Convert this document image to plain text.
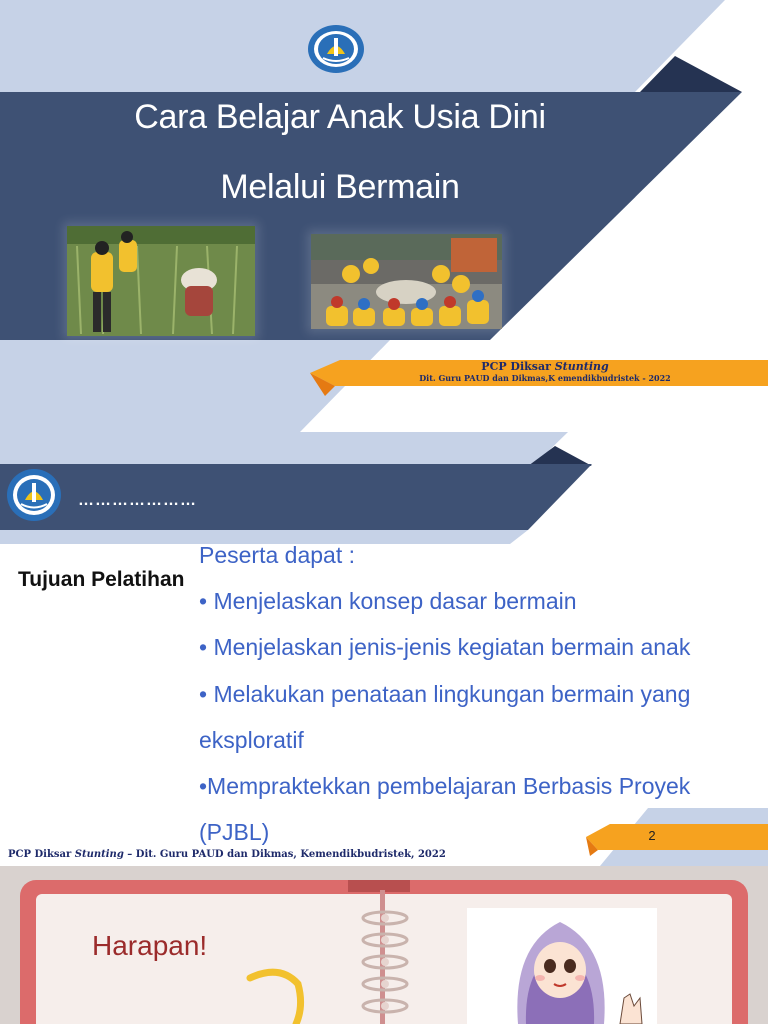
Cara Belajar Anak Usia Dini
Melalui Bermain
PCP Diksar Stunting
Dit. Guru PAUD dan Dikmas,K emendikbudristek - 2022
…………………
Tujuan Pelatihan
Peserta dapat :
• Menjelaskan konsep dasar bermain
• Menjelaskan jenis-jenis kegiatan bermain anak
• Melakukan penataan lingkungan bermain yang
eksploratif
•Mempraktekkan pembelajaran Berbasis Proyek
(PJBL)	2
PCP Diksar Stunting – Dit. Guru PAUD dan Dikmas, Kemendikbudristek, 2022
Harapan!
